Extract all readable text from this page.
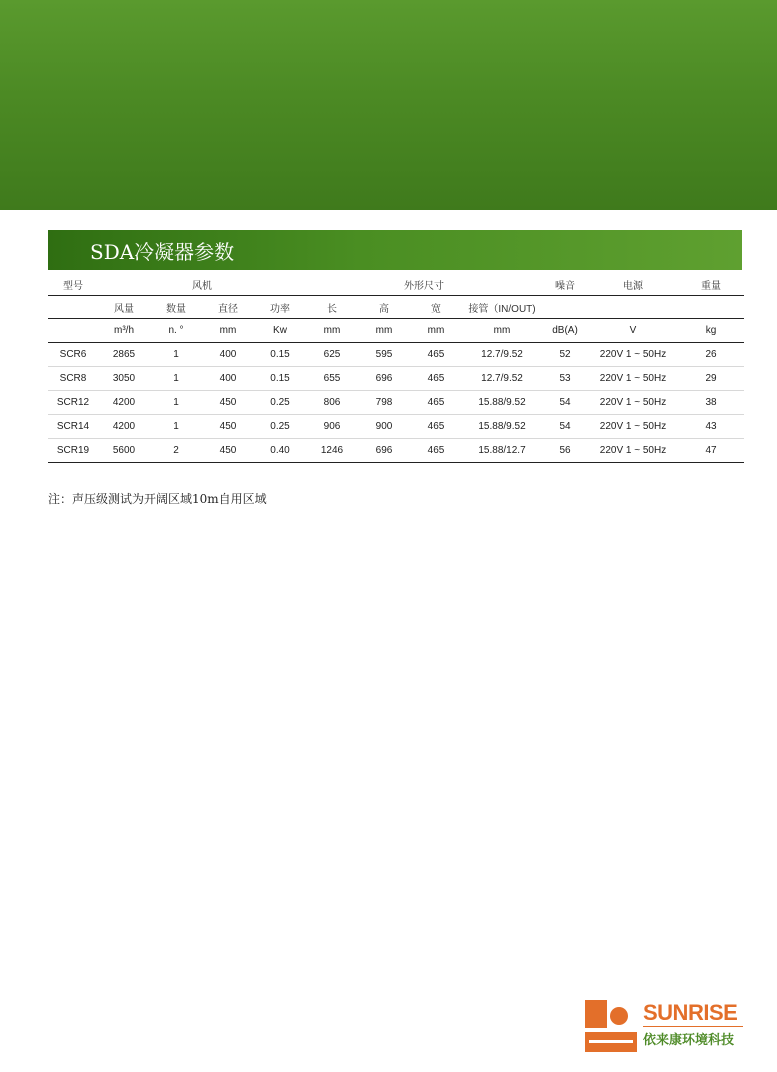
SDA冷凝器参数
型号	风机				外形尺寸				噪音	电源	重量
	风量	数量	直径	功率	长	高	宽	接管（IN/OUT)			
	m³/h	n. °	mm	Kw	mm	mm	mm	mm	dB(A)	V	kg
SCR6	2865	1	400	0.15	625	595	465	12.7/9.52	52	220V 1 ~ 50Hz	26
SCR8	3050	1	400	0.15	655	696	465	12.7/9.52	53	220V 1 ~ 50Hz	29
SCR12	4200	1	450	0.25	806	798	465	15.88/9.52	54	220V 1 ~ 50Hz	38
SCR14	4200	1	450	0.25	906	900	465	15.88/9.52	54	220V 1 ~ 50Hz	43
SCR19	5600	2	450	0.40	1246	696	465	15.88/12.7	56	220V 1 ~ 50Hz	47
注：声压级测试为开阔区域10m自用区域
SUNRISE
依来康环境科技
